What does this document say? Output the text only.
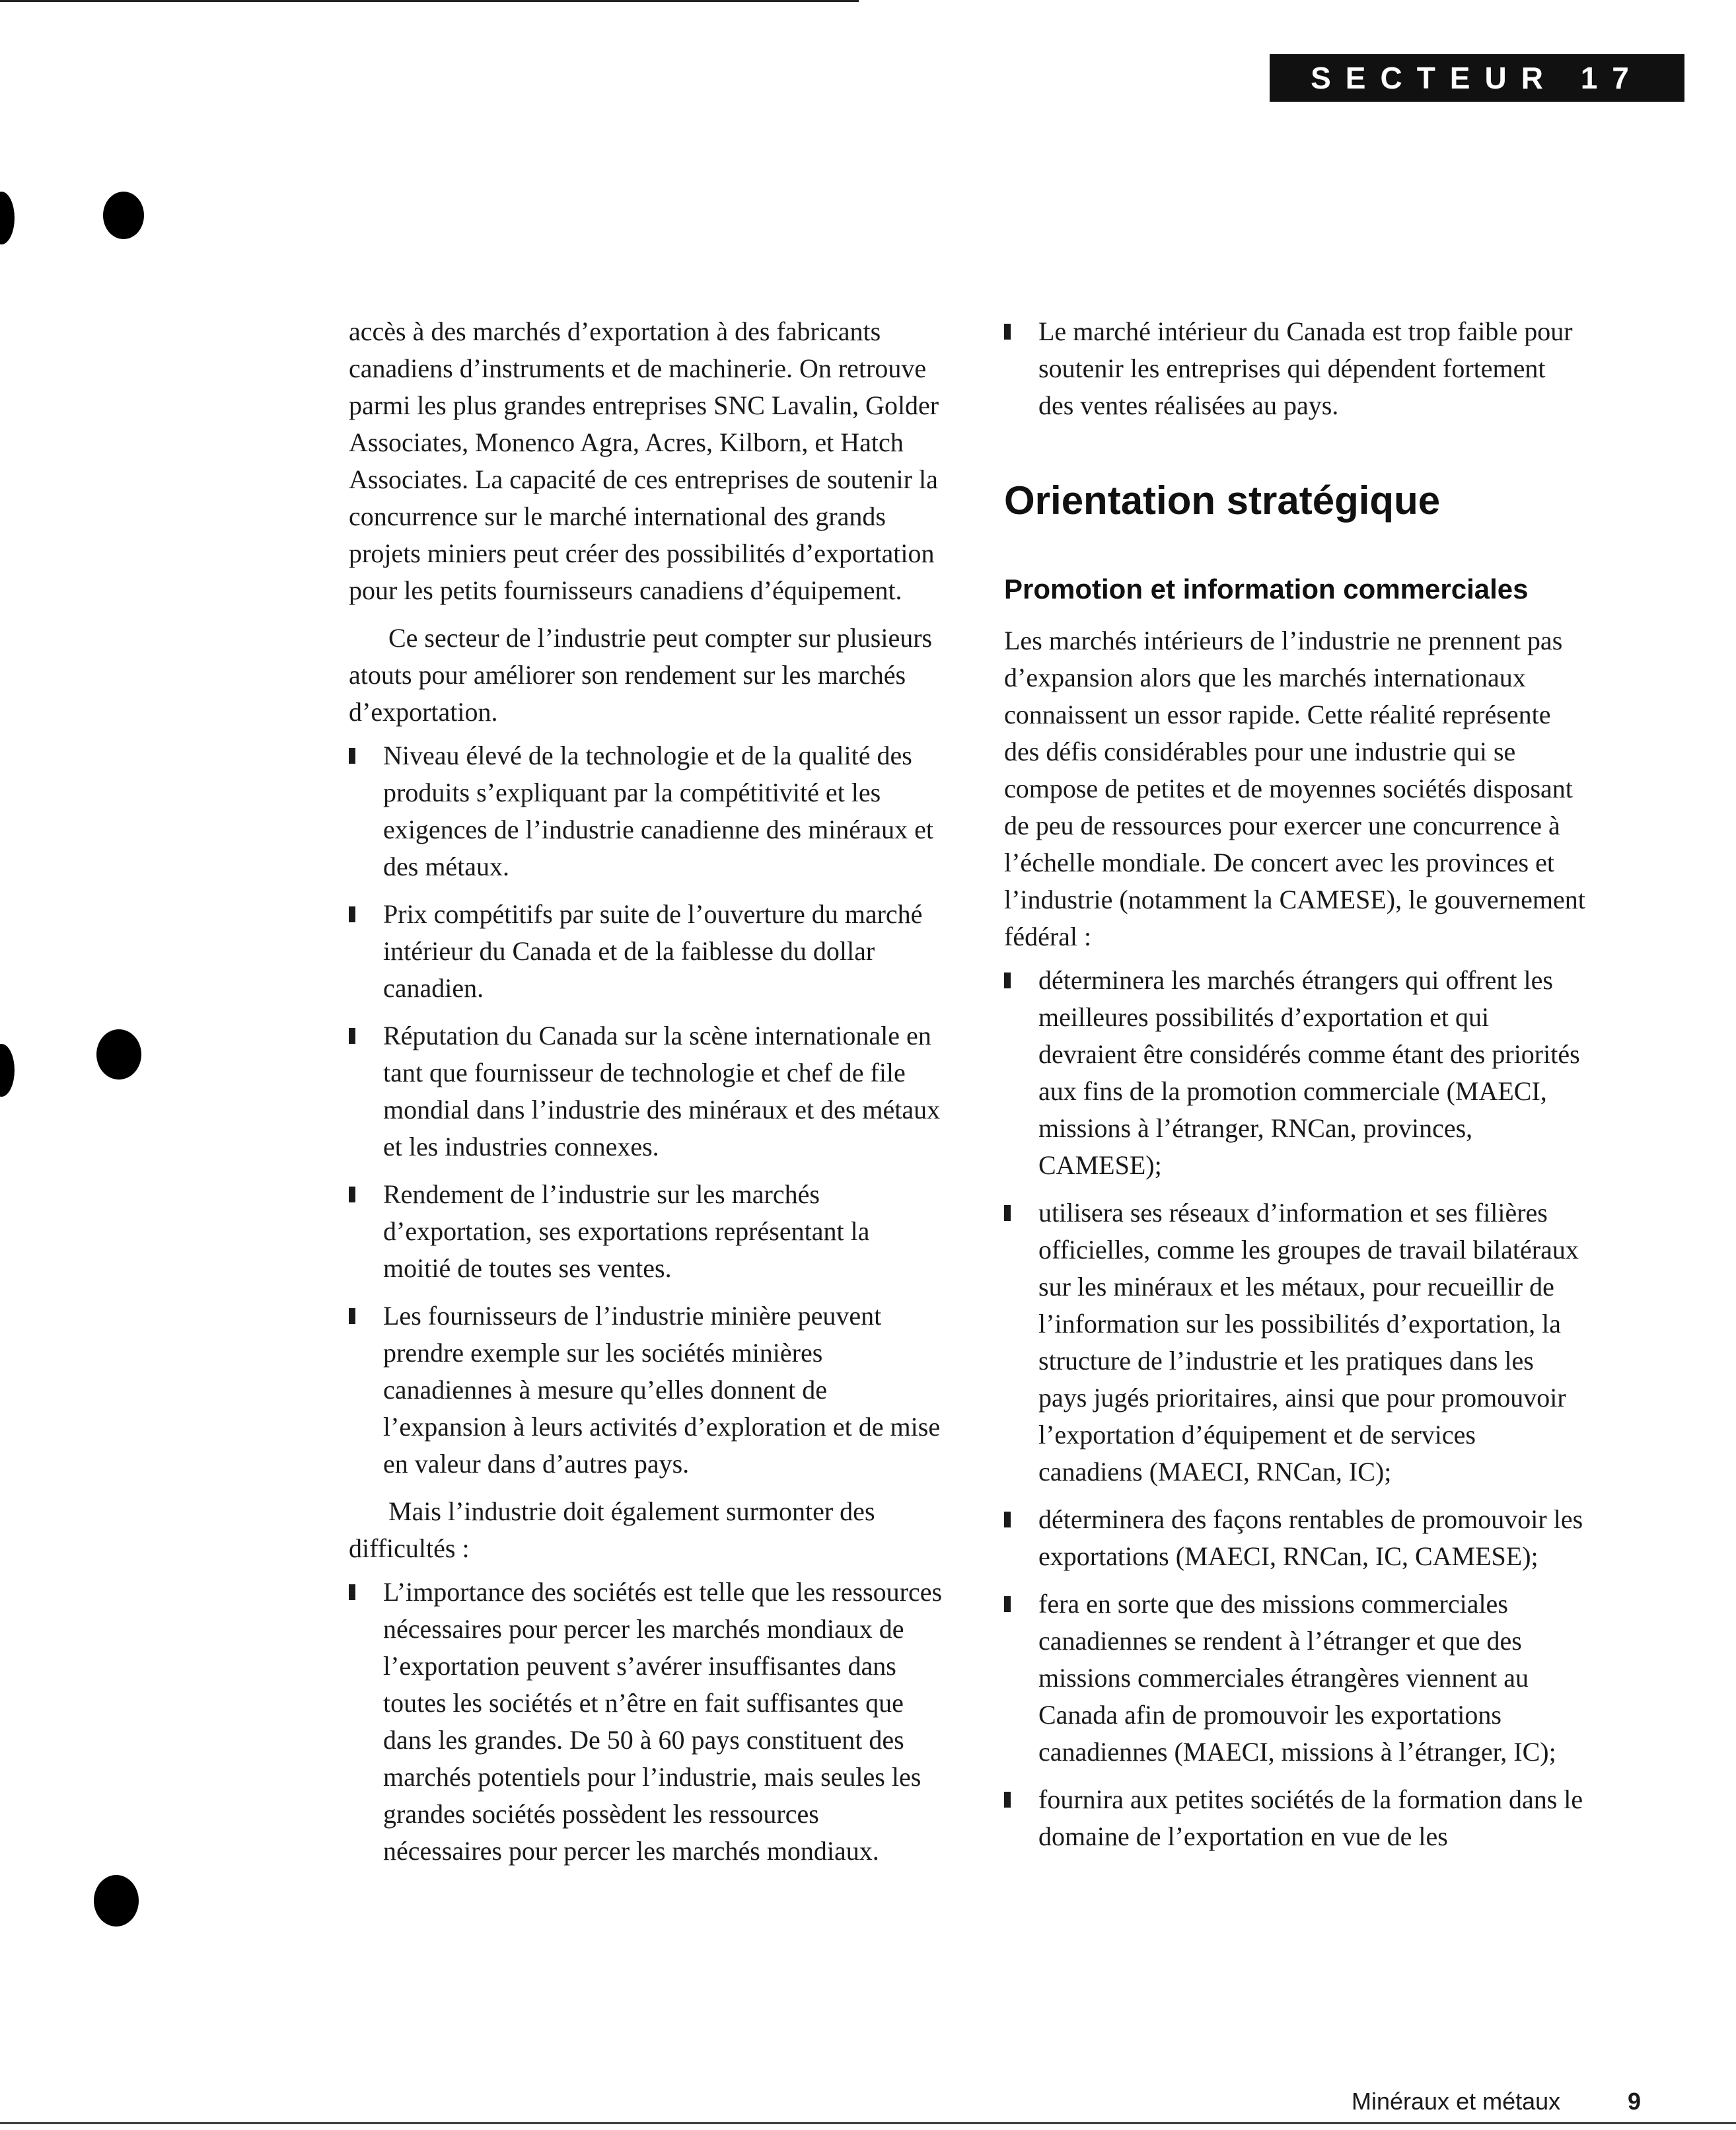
SECTEUR 17

accès à des marchés d’exportation à des fabricants canadiens d’instruments et de machinerie. On retrouve parmi les plus grandes entreprises SNC Lavalin, Golder Associates, Monenco Agra, Acres, Kilborn, et Hatch Associates. La capacité de ces entreprises de soutenir la concurrence sur le marché international des grands projets miniers peut créer des possibilités d’exportation pour les petits fournisseurs canadiens d’équipement.

Ce secteur de l’industrie peut compter sur plusieurs atouts pour améliorer son rendement sur les marchés d’exportation.

Niveau élevé de la technologie et de la qualité des produits s’expliquant par la compétitivité et les exigences de l’industrie canadienne des minéraux et des métaux.
Prix compétitifs par suite de l’ouverture du marché intérieur du Canada et de la faiblesse du dollar canadien.
Réputation du Canada sur la scène internationale en tant que fournisseur de technologie et chef de file mondial dans l’industrie des minéraux et des métaux et les industries connexes.
Rendement de l’industrie sur les marchés d’exportation, ses exportations représentant la moitié de toutes ses ventes.
Les fournisseurs de l’industrie minière peuvent prendre exemple sur les sociétés minières canadiennes à mesure qu’elles donnent de l’expansion à leurs activités d’exploration et de mise en valeur dans d’autres pays.

Mais l’industrie doit également surmonter des difficultés :

L’importance des sociétés est telle que les ressources nécessaires pour percer les marchés mondiaux de l’exportation peuvent s’avérer insuffisantes dans toutes les sociétés et n’être en fait suffisantes que dans les grandes. De 50 à 60 pays constituent des marchés potentiels pour l’industrie, mais seules les grandes sociétés possèdent les ressources nécessaires pour percer les marchés mondiaux.
Le marché intérieur du Canada est trop faible pour soutenir les entreprises qui dépendent fortement des ventes réalisées au pays.
Orientation stratégique
Promotion et information commerciales

Les marchés intérieurs de l’industrie ne prennent pas d’expansion alors que les marchés internationaux connaissent un essor rapide. Cette réalité représente des défis considérables pour une industrie qui se compose de petites et de moyennes sociétés disposant de peu de ressources pour exercer une concurrence à l’échelle mondiale. De concert avec les provinces et l’industrie (notamment la CAMESE), le gouvernement fédéral :

déterminera les marchés étrangers qui offrent les meilleures possibilités d’exportation et qui devraient être considérés comme étant des priorités aux fins de la promotion commerciale (MAECI, missions à l’étranger, RNCan, provinces, CAMESE);
utilisera ses réseaux d’information et ses filières officielles, comme les groupes de travail bilatéraux sur les minéraux et les métaux, pour recueillir de l’information sur les possibilités d’exportation, la structure de l’industrie et les pratiques dans les pays jugés prioritaires, ainsi que pour promouvoir l’exportation d’équipement et de services canadiens (MAECI, RNCan, IC);
déterminera des façons rentables de promouvoir les exportations (MAECI, RNCan, IC, CAMESE);
fera en sorte que des missions commerciales canadiennes se rendent à l’étranger et que des missions commerciales étrangères viennent au Canada afin de promouvoir les exportations canadiennes (MAECI, missions à l’étranger, IC);
fournira aux petites sociétés de la formation dans le domaine de l’exportation en vue de les
Minéraux et métaux	9
